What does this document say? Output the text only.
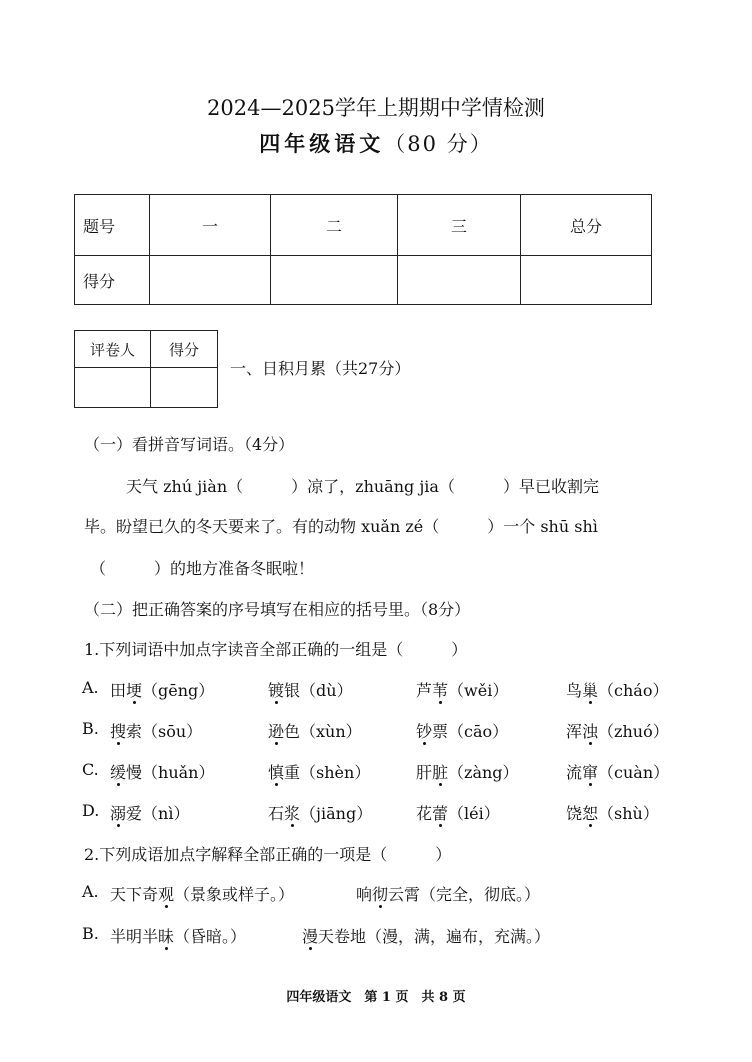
2024—2025学年上期期中学情检测
四年级语文（80 分）
题号	一	二	三	总分
得分				
评卷人	得分

一、日积月累（共27分）
（一）看拼音写词语。（4分）
天气 zhú jiàn（　　　）凉了，zhuāng jia（　　　）早已收割完
毕。盼望已久的冬天要来了。有的动物 xuǎn zé（　　　）一个 shū shì
（　　　）的地方准备冬眠啦！
（二）把正确答案的序号填写在相应的括号里。（8分）
1.下列词语中加点字读音全部正确的一组是（　　　）
A. 田埂（gēng）	镀银（dù）	芦苇（wěi）	鸟巢（cháo）
B. 搜索（sōu）	逊色（xùn）	钞票（cāo）	浑浊（zhuó）
C. 缓慢（huǎn）	慎重（shèn）	肝脏（zàng）	流窜（cuàn）
D. 溺爱（nì）	石浆（jiāng）	花蕾（léi）	饶恕（shù）
2.下列成语加点字解释全部正确的一项是（　　　）
A. 天下奇观（景象或样子。）	响彻云霄（完全，彻底。）
B. 半明半昧（昏暗。）	漫天卷地（漫，满，遍布，充满。）
四年级语文　第 1 页　共 8 页
